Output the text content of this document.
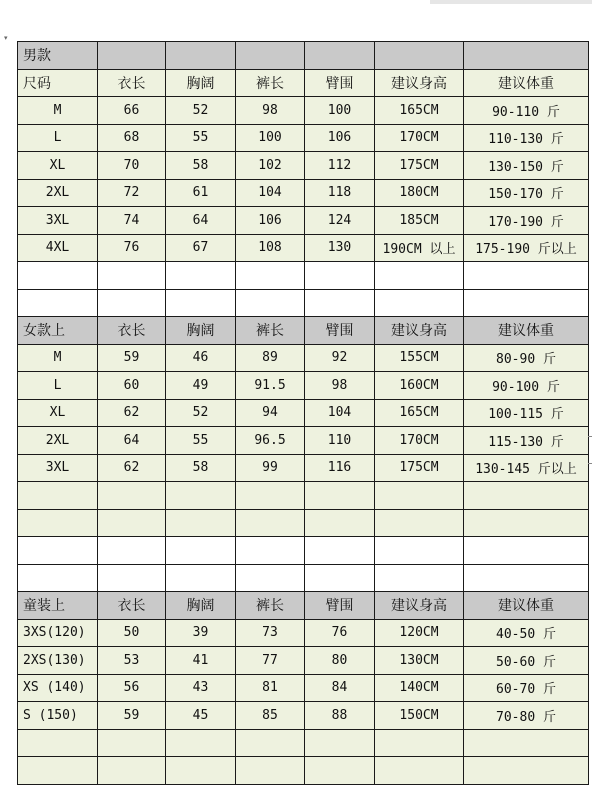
▾
男款						
尺码	衣长	胸阔	裤长	臂围	建议身高	建议体重
M	66	52	98	100	165CM	90-110 斤
L	68	55	100	106	170CM	110-130 斤
XL	70	58	102	112	175CM	130-150 斤
2XL	72	61	104	118	180CM	150-170 斤
3XL	74	64	106	124	185CM	170-190 斤
4XL	76	67	108	130	190CM 以上	175-190 斤以上

女款上	衣长	胸阔	裤长	臂围	建议身高	建议体重
M	59	46	89	92	155CM	80-90 斤
L	60	49	91.5	98	160CM	90-100 斤
XL	62	52	94	104	165CM	100-115 斤
2XL	64	55	96.5	110	170CM	115-130 斤
3XL	62	58	99	116	175CM	130-145 斤以上

童装上	衣长	胸阔	裤长	臂围	建议身高	建议体重
3XS(120)	50	39	73	76	120CM	40-50 斤
2XS(130)	53	41	77	80	130CM	50-60 斤
XS (140)	56	43	81	84	140CM	60-70 斤
S (150)	59	45	85	88	150CM	70-80 斤
